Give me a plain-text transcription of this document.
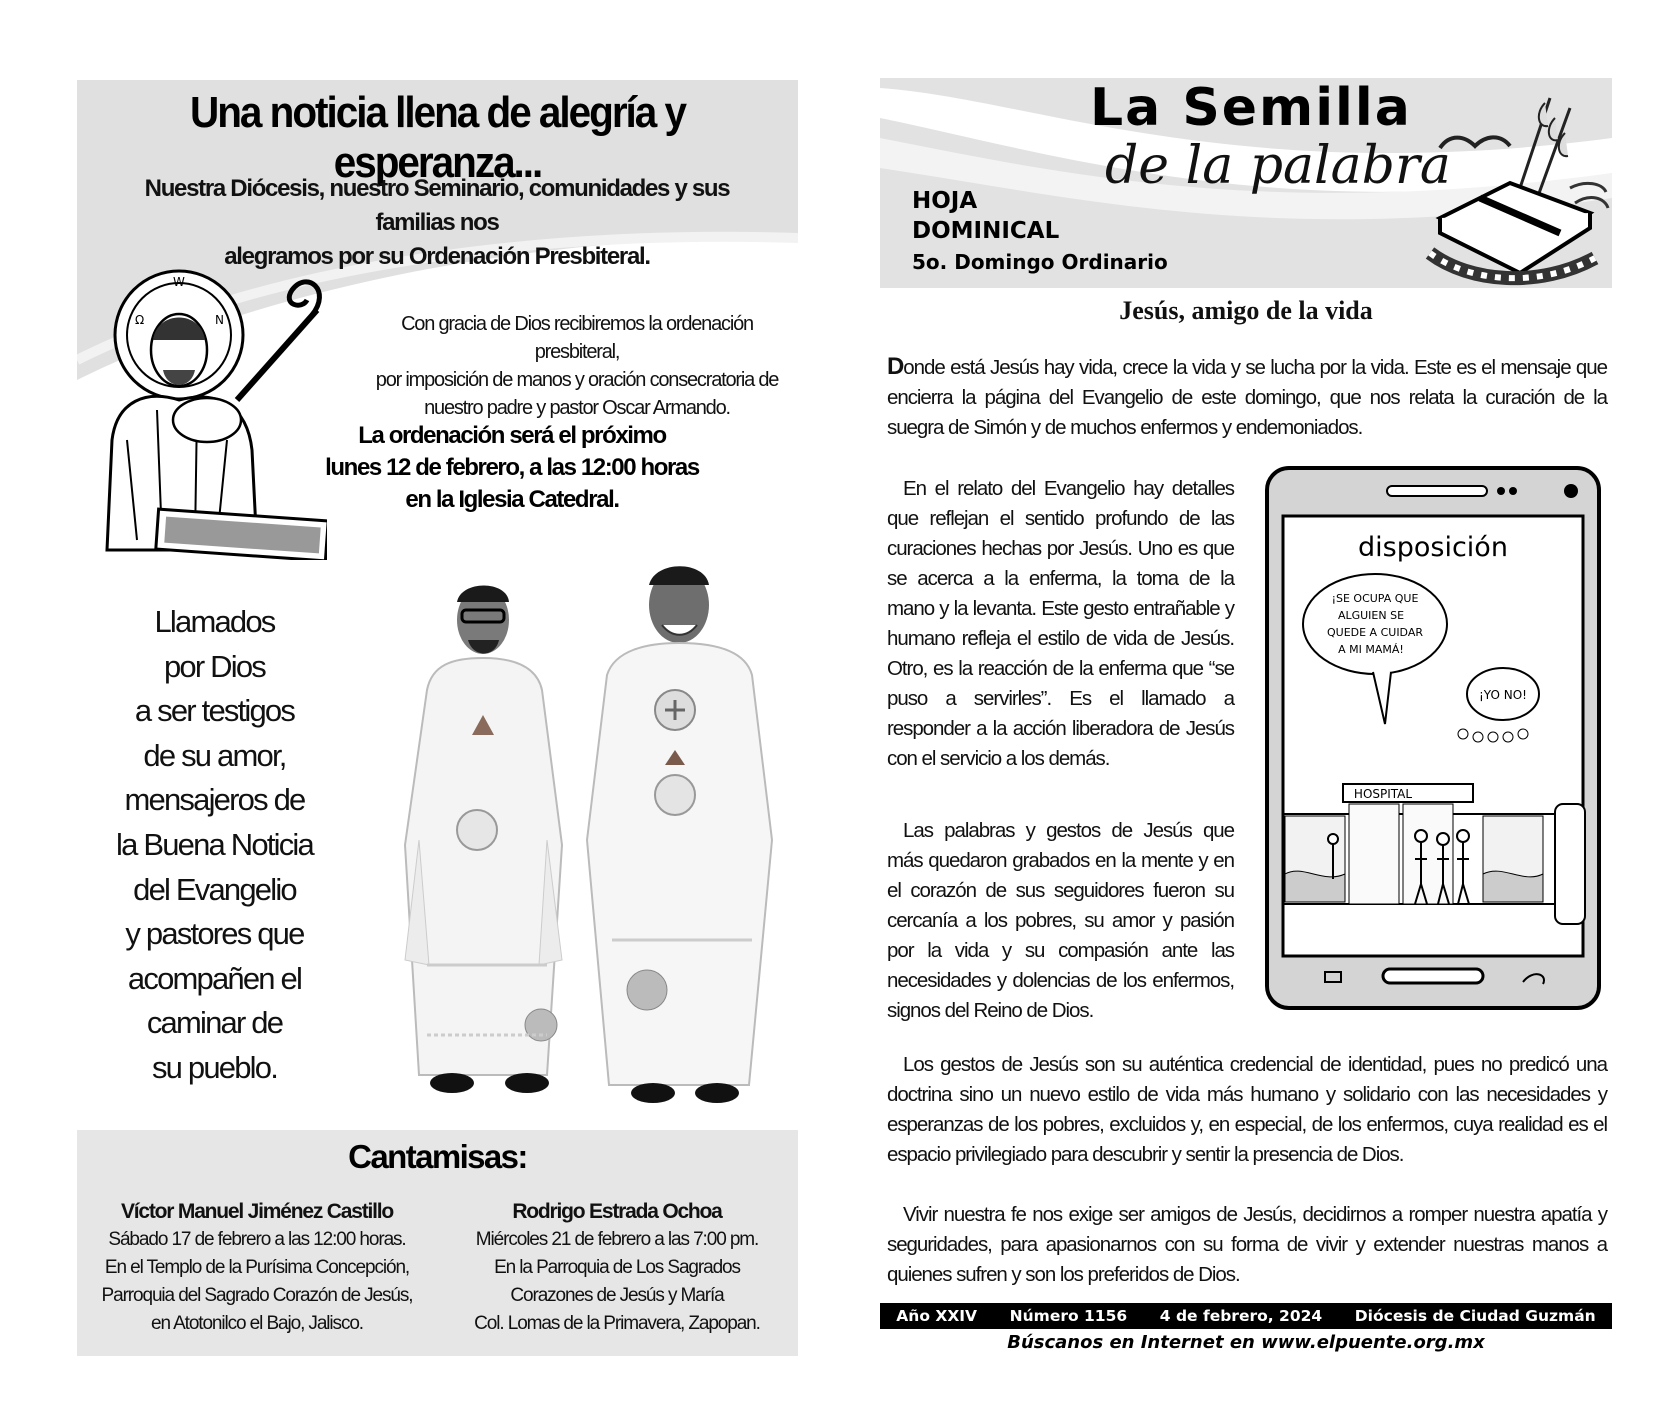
Una noticia llena de alegría y esperanza...
Nuestra Diócesis, nuestro Seminario, comunidades y sus familias nos
alegramos por su Ordenación Presbiteral.
Ω
W
N	Con gracia de Dios recibiremos la ordenación presbiteral,
por imposición de manos y oración consecratoria de
nuestro padre y pastor Oscar Armando.
La ordenación será el próximo
lunes 12 de febrero, a las 12:00 horas
en la Iglesia Catedral.
Llamados
por Dios
a ser testigos
de su amor,
mensajeros de
la Buena Noticia
del Evangelio
y pastores que
acompañen el
caminar de
su pueblo.
Cantamisas:
Víctor Manuel Jiménez Castillo
Sábado 17 de febrero a las 12:00 horas.
En el Templo de la Purísima Concepción,
Parroquia del Sagrado Corazón de Jesús,
en Atotonilco el Bajo, Jalisco.
Rodrigo Estrada Ochoa
Miércoles 21 de febrero a las 7:00 pm.
En la Parroquia de Los Sagrados
Corazones de Jesús y María
Col. Lomas de la Primavera, Zapopan.
La Semilla
de la palabra
HOJA
DOMINICAL
5o. Domingo Ordinario
Jesús, amigo de la vida
Donde está Jesús hay vida, crece la vida y se lucha por la vida. Este es el mensaje que encierra la página del Evangelio de este domingo, que nos relata la curación de la suegra de Simón y de muchos enfermos y endemoniados.
En el relato del Evangelio hay detalles que reflejan el sentido profundo de las curaciones hechas por Jesús. Uno es que se acerca a la enferma, la toma de la mano y la levanta. Este gesto entrañable y humano refleja el estilo de vida de Jesús. Otro, es la reacción de la enferma que “se puso a servirles”. Es el llamado a responder a la acción liberadora de Jesús con el servicio a los demás.
Las palabras y gestos de Jesús que más quedaron grabados en la mente y en el corazón de sus seguidores fueron su cercanía a los pobres, su amor y pasión por la vida y su compasión ante las necesidades y dolencias de los enfermos, signos del Reino de Dios.
Los gestos de Jesús son su auténtica credencial de identidad, pues no predicó una doctrina sino un nuevo estilo de vida más humano y solidario con las necesidades y esperanzas de los pobres, excluidos y, en especial, de los enfermos, cuya realidad es el espacio privilegiado para descubrir y sentir la presencia de Dios.
Vivir nuestra fe nos exige ser amigos de Jesús, decidirnos a romper nuestra apatía y seguridades, para apasionarnos con su forma de vivir y extender nuestras manos a quienes sufren y son los preferidos de Dios.
disposición
¡SE OCUPA QUE
ALGUIEN SE
QUEDE A CUIDAR
A MI MAMÁ!
¡YO NO!
HOSPITAL
Año XXIV Número 1156 4 de febrero, 2024 Diócesis de Ciudad Guzmán
Búscanos en Internet en www.elpuente.org.mx
